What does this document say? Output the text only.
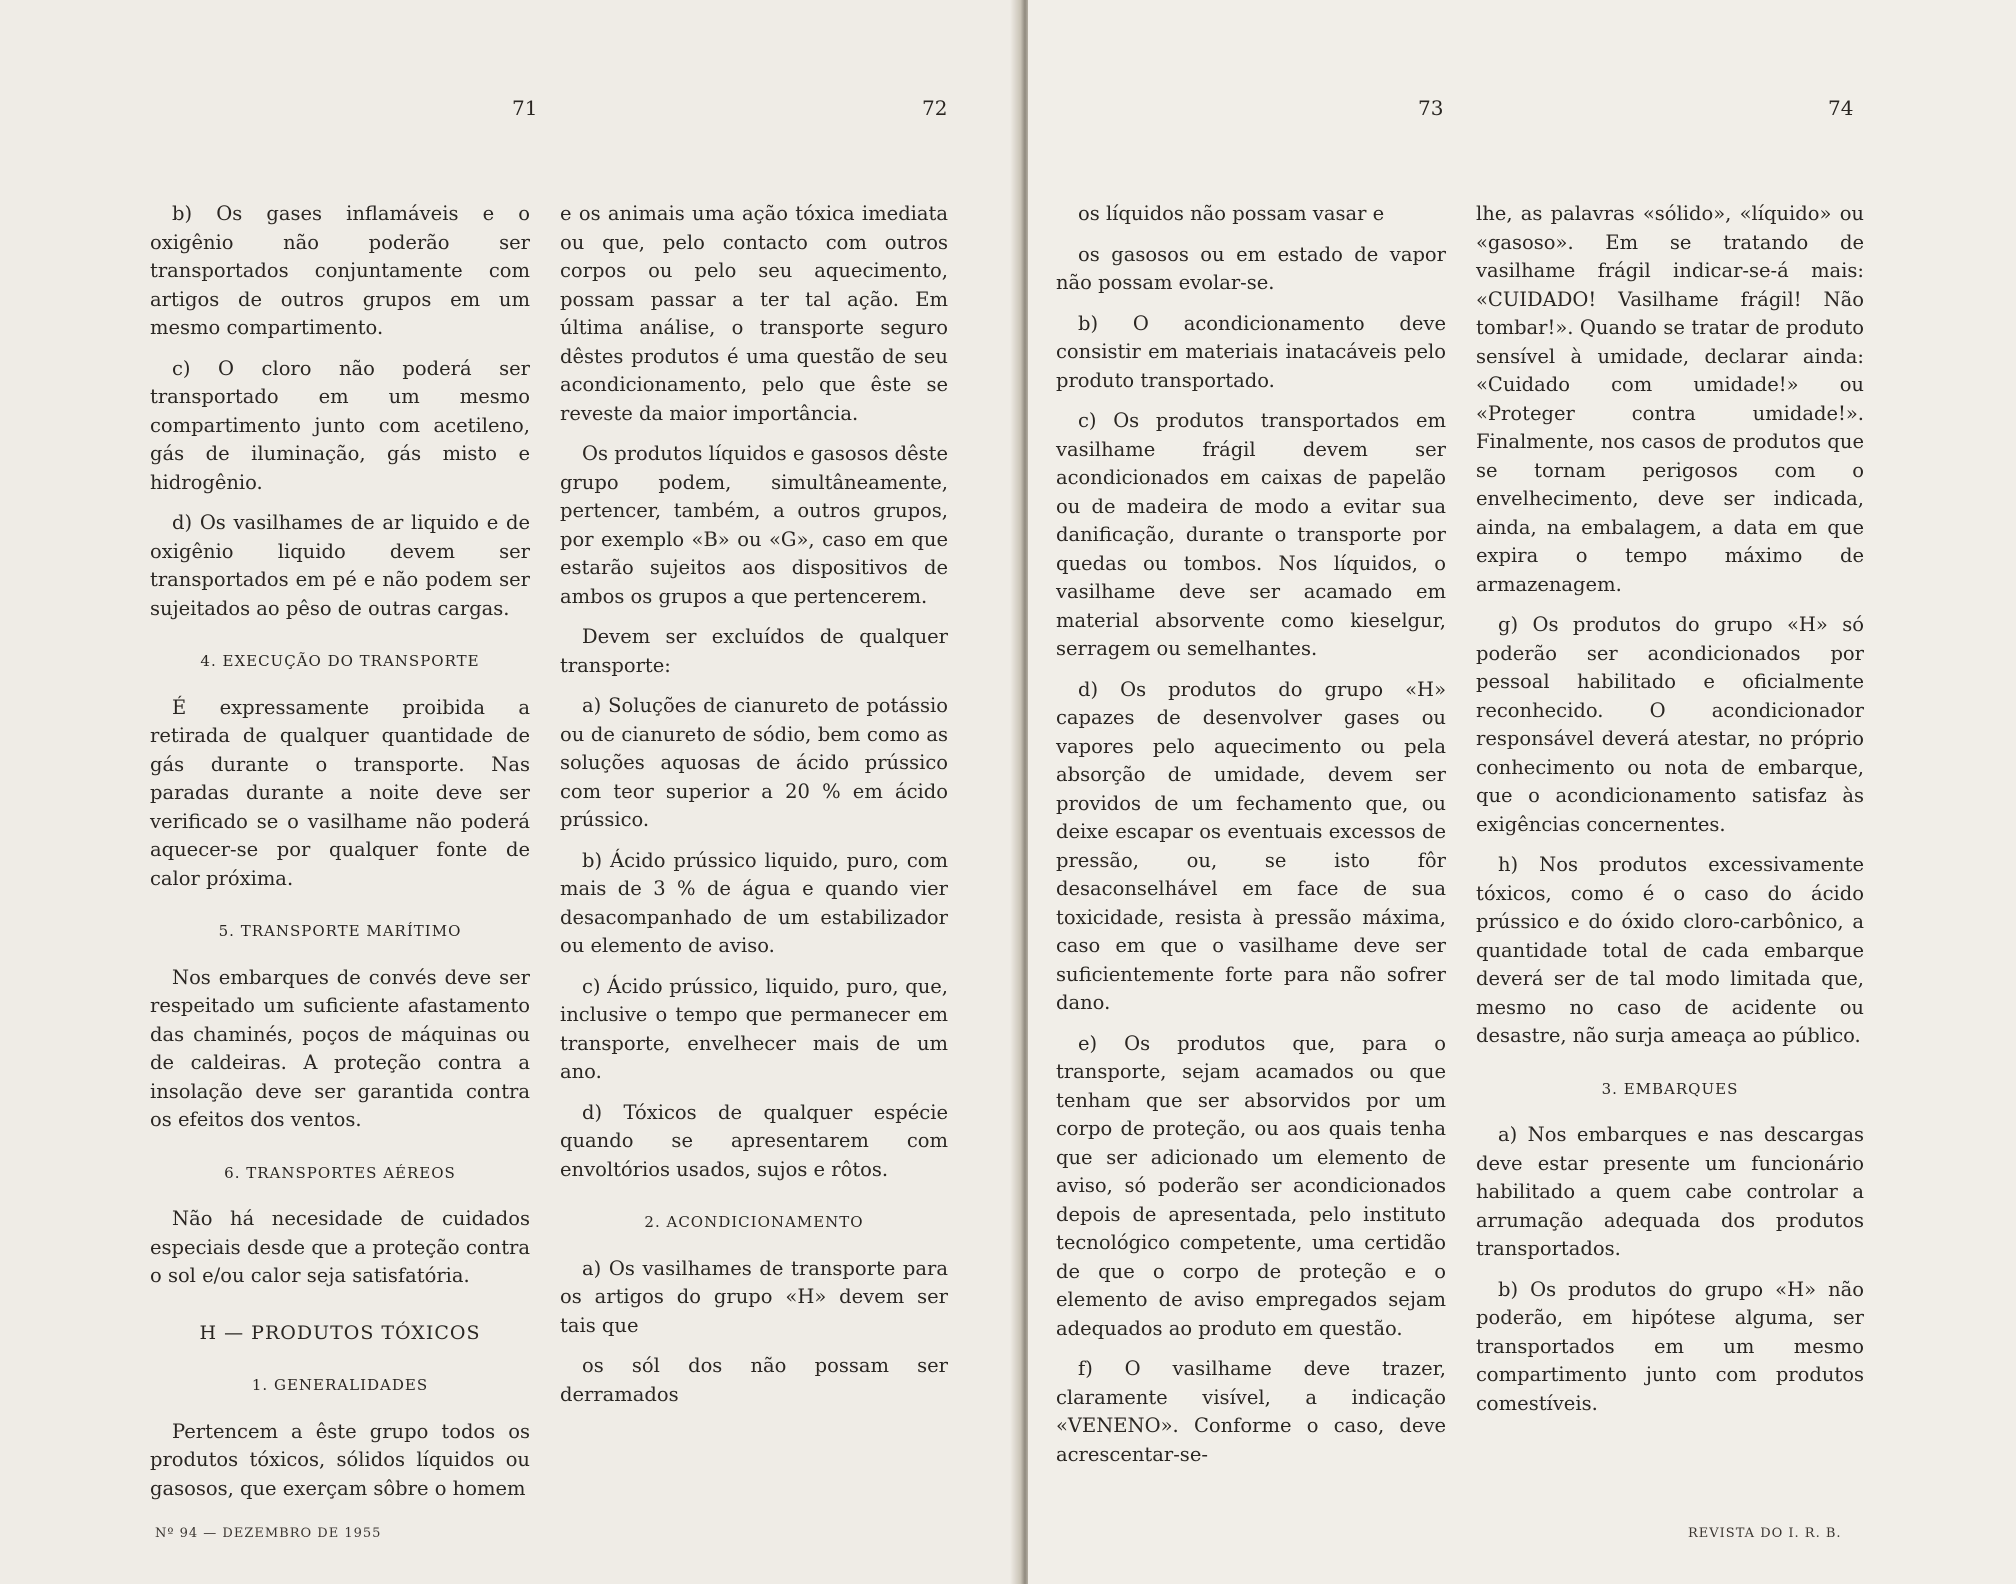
71	72

b) Os gases inflamáveis e o oxigênio não poderão ser transportados conjuntamente com artigos de outros grupos em um mesmo compartimento.

c) O cloro não poderá ser transportado em um mesmo compartimento junto com acetileno, gás de iluminação, gás misto e hidrogênio.

d) Os vasilhames de ar liquido e de oxigênio liquido devem ser transportados em pé e não podem ser sujeitados ao pêso de outras cargas.

4. EXECUÇÃO DO TRANSPORTE

É expressamente proibida a retirada de qualquer quantidade de gás durante o transporte. Nas paradas durante a noite deve ser verificado se o vasilhame não poderá aquecer-se por qualquer fonte de calor próxima.

5. TRANSPORTE MARÍTIMO

Nos embarques de convés deve ser respeitado um suficiente afastamento das chaminés, poços de máquinas ou de caldeiras. A proteção contra a insolação deve ser garantida contra os efeitos dos ventos.

6. TRANSPORTES AÉREOS

Não há necesidade de cuidados especiais desde que a proteção contra o sol e/ou calor seja satisfatória.

H — PRODUTOS TÓXICOS
1. GENERALIDADES

Pertencem a êste grupo todos os produtos tóxicos, sólidos líquidos ou gasosos, que exerçam sôbre o homem

e os animais uma ação tóxica imediata ou que, pelo contacto com outros corpos ou pelo seu aquecimento, possam passar a ter tal ação. Em última análise, o transporte seguro dêstes produtos é uma questão de seu acondicionamento, pelo que êste se reveste da maior importância.

Os produtos líquidos e gasosos dêste grupo podem, simultâneamente, pertencer, também, a outros grupos, por exemplo «B» ou «G», caso em que estarão sujeitos aos dispositivos de ambos os grupos a que pertencerem.

Devem ser excluídos de qualquer transporte:

a) Soluções de cianureto de potássio ou de cianureto de sódio, bem como as soluções aquosas de ácido prússico com teor superior a 20 % em ácido prússico.

b) Ácido prússico liquido, puro, com mais de 3 % de água e quando vier desacompanhado de um estabilizador ou elemento de aviso.

c) Ácido prússico, liquido, puro, que, inclusive o tempo que permanecer em transporte, envelhecer mais de um ano.

d) Tóxicos de qualquer espécie quando se apresentarem com envoltórios usados, sujos e rôtos.

2. ACONDICIONAMENTO

a) Os vasilhames de transporte para os artigos do grupo «H» devem ser tais que

os sól dos não possam ser derramados

Nº 94 — DEZEMBRO DE 1955
73	74

os líquidos não possam vasar e

os gasosos ou em estado de vapor não possam evolar-se.

b) O acondicionamento deve consistir em materiais inatacáveis pelo produto transportado.

c) Os produtos transportados em vasilhame frágil devem ser acondicionados em caixas de papelão ou de madeira de modo a evitar sua danificação, durante o transporte por quedas ou tombos. Nos líquidos, o vasilhame deve ser acamado em material absorvente como kieselgur, serragem ou semelhantes.

d) Os produtos do grupo «H» capazes de desenvolver gases ou vapores pelo aquecimento ou pela absorção de umidade, devem ser providos de um fechamento que, ou deixe escapar os eventuais excessos de pressão, ou, se isto fôr desaconselhável em face de sua toxicidade, resista à pressão máxima, caso em que o vasilhame deve ser suficientemente forte para não sofrer dano.

e) Os produtos que, para o transporte, sejam acamados ou que tenham que ser absorvidos por um corpo de proteção, ou aos quais tenha que ser adicionado um elemento de aviso, só poderão ser acondicionados depois de apresentada, pelo instituto tecnológico competente, uma certidão de que o corpo de proteção e o elemento de aviso empregados sejam adequados ao produto em questão.

f) O vasilhame deve trazer, claramente visível, a indicação «VENENO». Conforme o caso, deve acrescentar-se-

lhe, as palavras «sólido», «líquido» ou «gasoso». Em se tratando de vasilhame frágil indicar-se-á mais: «CUIDADO! Vasilhame frágil! Não tombar!». Quando se tratar de produto sensível à umidade, declarar ainda: «Cuidado com umidade!» ou «Proteger contra umidade!». Finalmente, nos casos de produtos que se tornam perigosos com o envelhecimento, deve ser indicada, ainda, na embalagem, a data em que expira o tempo máximo de armazenagem.

g) Os produtos do grupo «H» só poderão ser acondicionados por pessoal habilitado e oficialmente reconhecido. O acondicionador responsável deverá atestar, no próprio conhecimento ou nota de embarque, que o acondicionamento satisfaz às exigências concernentes.

h) Nos produtos excessivamente tóxicos, como é o caso do ácido prússico e do óxido cloro-carbônico, a quantidade total de cada embarque deverá ser de tal modo limitada que, mesmo no caso de acidente ou desastre, não surja ameaça ao público.

3. EMBARQUES

a) Nos embarques e nas descargas deve estar presente um funcionário habilitado a quem cabe controlar a arrumação adequada dos produtos transportados.

b) Os produtos do grupo «H» não poderão, em hipótese alguma, ser transportados em um mesmo compartimento junto com produtos comestíveis.

REVISTA DO I. R. B.
